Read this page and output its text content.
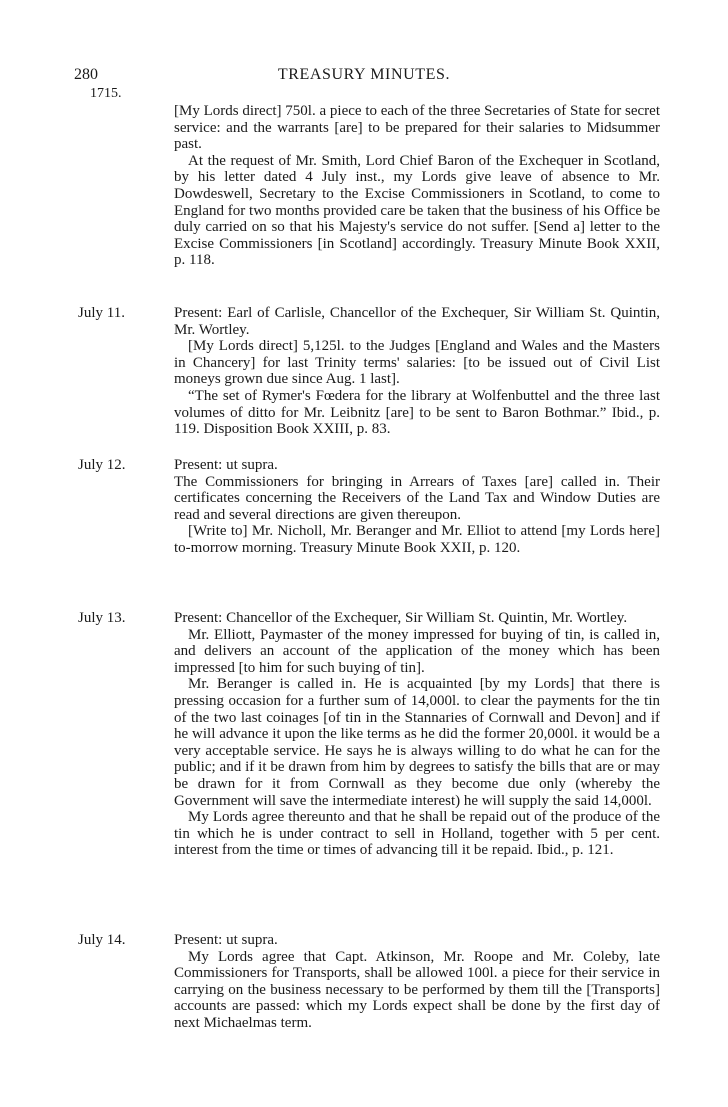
280	TREASURY MINUTES.
1715.

[My Lords direct] 750l. a piece to each of the three Secretaries of State for secret service: and the warrants [are] to be prepared for their salaries to Midsummer past.

At the request of Mr. Smith, Lord Chief Baron of the Exchequer in Scotland, by his letter dated 4 July inst., my Lords give leave of absence to Mr. Dowdeswell, Secretary to the Excise Commissioners in Scotland, to come to England for two months provided care be taken that the business of his Office be duly carried on so that his Majesty's service do not suffer. [Send a] letter to the Excise Commissioners [in Scotland] accordingly. Treasury Minute Book XXII, p. 118.

July 11.	Present: Earl of Carlisle, Chancellor of the Exchequer, Sir William St. Quintin, Mr. Wortley.

[My Lords direct] 5,125l. to the Judges [England and Wales and the Masters in Chancery] for last Trinity terms' salaries: [to be issued out of Civil List moneys grown due since Aug. 1 last].

“The set of Rymer's Fœdera for the library at Wolfenbuttel and the three last volumes of ditto for Mr. Leibnitz [are] to be sent to Baron Bothmar.” Ibid., p. 119. Disposition Book XXIII, p. 83.

July 12.	Present: ut supra.

The Commissioners for bringing in Arrears of Taxes [are] called in. Their certificates concerning the Receivers of the Land Tax and Window Duties are read and several directions are given thereupon.

[Write to] Mr. Nicholl, Mr. Beranger and Mr. Elliot to attend [my Lords here] to-morrow morning. Treasury Minute Book XXII, p. 120.

July 13.	Present: Chancellor of the Exchequer, Sir William St. Quintin, Mr. Wortley.

Mr. Elliott, Paymaster of the money impressed for buying of tin, is called in, and delivers an account of the application of the money which has been impressed [to him for such buying of tin].

Mr. Beranger is called in. He is acquainted [by my Lords] that there is pressing occasion for a further sum of 14,000l. to clear the payments for the tin of the two last coinages [of tin in the Stannaries of Cornwall and Devon] and if he will advance it upon the like terms as he did the former 20,000l. it would be a very acceptable service. He says he is always willing to do what he can for the public; and if it be drawn from him by degrees to satisfy the bills that are or may be drawn for it from Cornwall as they become due only (whereby the Government will save the intermediate interest) he will supply the said 14,000l.

My Lords agree thereunto and that he shall be repaid out of the produce of the tin which he is under contract to sell in Holland, together with 5 per cent. interest from the time or times of advancing till it be repaid. Ibid., p. 121.

July 14.	Present: ut supra.

My Lords agree that Capt. Atkinson, Mr. Roope and Mr. Coleby, late Commissioners for Transports, shall be allowed 100l. a piece for their service in carrying on the business necessary to be performed by them till the [Transports] accounts are passed: which my Lords expect shall be done by the first day of next Michaelmas term.
